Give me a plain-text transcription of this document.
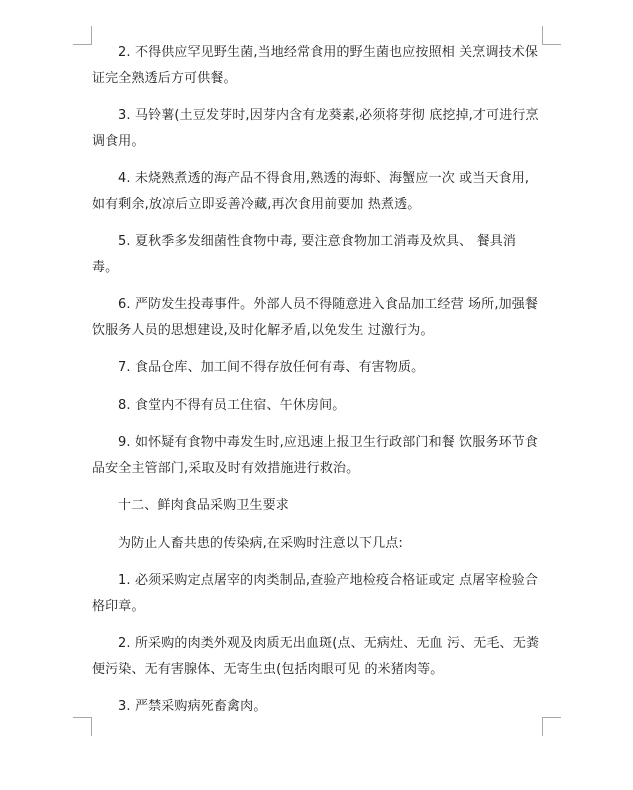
2. 不得供应罕见野生菌,当地经常食用的野生菌也应按照相 关烹调技术保证完全熟透后方可供餐。

3. 马铃薯(土豆发芽时,因芽内含有龙葵素,必须将芽彻 底挖掉,才可进行烹调食用。

4. 未烧熟煮透的海产品不得食用,熟透的海虾、海蟹应一次 或当天食用,如有剩余,放凉后立即妥善冷藏,再次食用前要加 热煮透。

5. 夏秋季多发细菌性食物中毒, 要注意食物加工消毒及炊具、 餐具消毒。

6. 严防发生投毒事件。外部人员不得随意进入食品加工经营 场所,加强餐饮服务人员的思想建设,及时化解矛盾,以免发生 过激行为。

7. 食品仓库、加工间不得存放任何有毒、有害物质。

8. 食堂内不得有员工住宿、午休房间。

9. 如怀疑有食物中毒发生时,应迅速上报卫生行政部门和餐 饮服务环节食品安全主管部门,采取及时有效措施进行救治。

十二、鲜肉食品采购卫生要求

为防止人畜共患的传染病,在采购时注意以下几点:

1. 必须采购定点屠宰的肉类制品,查验产地检疫合格证或定 点屠宰检验合格印章。

2. 所采购的肉类外观及肉质无出血斑(点、无病灶、无血 污、无毛、无粪便污染、无有害腺体、无寄生虫(包括肉眼可见 的米猪肉等。

3. 严禁采购病死畜禽肉。
